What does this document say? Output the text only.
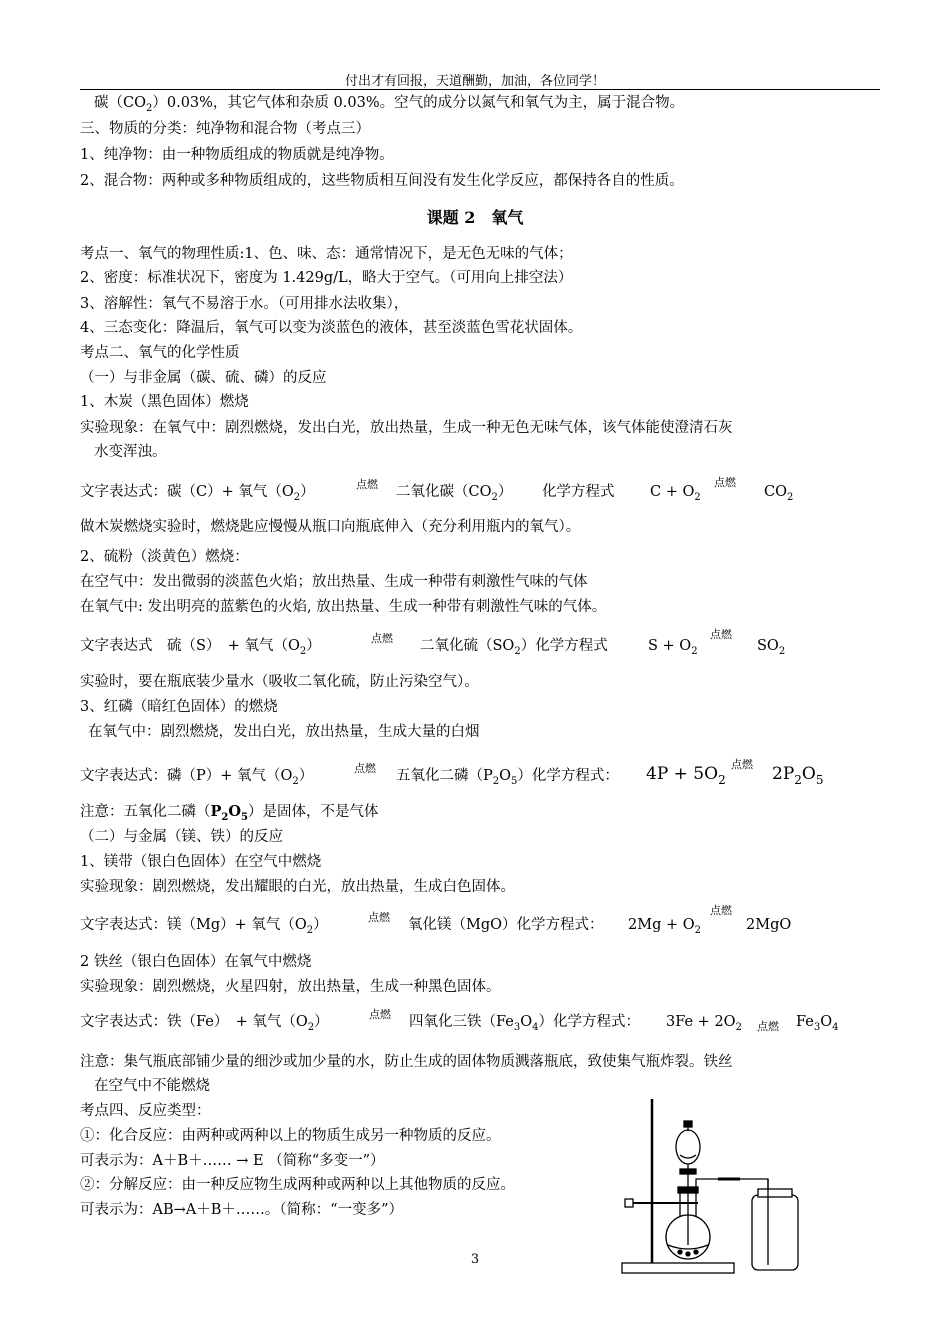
付出才有回报，天道酬勤，加油，各位同学！
碳$(CO_2)0.03\%$，其它气体和杂质 0.03%。空气的成分以氮气和氧气为主，属于混合物。
三、物质的分类：纯净物和混合物（考点三）
1、纯净物：由一种物质组成的物质就是纯净物。
2、混合物：两种或多种物质组成的，这些物质相互间没有发生化学反应，都保持各自的性质。
课题 2　氧气
考点一、氧气的物理性质:1、色、味、态：通常情况下，是无色无味的气体；
2、密度：标准状况下，密度为 1.429g/L，略大于空气。（可用向上排空法）
3、溶解性：氧气不易溶于水。（可用排水法收集），
4、三态变化：降温后，氧气可以变为淡蓝色的液体，甚至淡蓝色雪花状固体。
考点二、氧气的化学性质
（一）与非金属（碳、硫、磷）的反应
1、木炭（黑色固体）燃烧
实验现象：在氧气中：剧烈燃烧，发出白光，放出热量，生成一种无色无味气体，该气体能使澄清石灰
水变浑浊。
文字表达式：碳（C）+ 氧气$(O_2)$	点燃 二氧化碳$(CO_2)$ 化学方程式 $C + O_2$
点燃
$CO_2$
做木炭燃烧实验时，燃烧匙应慢慢从瓶口向瓶底伸入（充分利用瓶内的氧气）。
2、硫粉（淡黄色）燃烧：
在空气中：发出微弱的淡蓝色火焰；放出热量、生成一种带有刺激性气味的气体
在氧气中: 发出明亮的蓝紫色的火焰, 放出热量、生成一种带有刺激性气味的气体。
文字表达式　硫（S）　+ 氧气$(O_2)$	点燃 二氧化硫$(SO_2)$化学方程式	$S + O_2$
点燃
$SO_2$
实验时，要在瓶底装少量水（吸收二氧化硫，防止污染空气）。
3、红磷（暗红色固体）的燃烧
在氧气中：剧烈燃烧，发出白光，放出热量，生成大量的白烟
文字表达式：磷（P）+ 氧气$(O_2)$	点燃 五氧化二磷$(P_2O_5)$化学方程式： $4P + 5O_2$
点燃 $2P_2O_5$
注意：五氧化二磷$(P_2O_5)$是固体，不是气体
（二）与金属（镁、铁）的反应
1、镁带（银白色固体）在空气中燃烧
实验现象：剧烈燃烧，发出耀眼的白光，放出热量，生成白色固体。
文字表达式：镁（Mg）+ 氧气$(O_2)$	点燃 氧化镁（MgO）化学方程式： $2Mg + O_2$
点燃
2MgO
2 铁丝（银白色固体）在氧气中燃烧
实验现象：剧烈燃烧，火星四射，放出热量，生成一种黑色固体。
文字表达式：铁（Fe）　+ 氧气$(O_2)$	点燃 四氧化三铁$(Fe_3O_4)$化学方程式： $3Fe + 2O_2$ 点燃 $Fe_3O_4$
注意：集气瓶底部铺少量的细沙或加少量的水，防止生成的固体物质溅落瓶底，致使集气瓶炸裂。铁丝
在空气中不能燃烧
考点四、反应类型：
①：化合反应：由两种或两种以上的物质生成另一种物质的反应。
可表示为：A＋B＋…… → E （简称“多变一”）
②：分解反应：由一种反应物生成两种或两种以上其他物质的反应。
可表示为：AB→A＋B＋……。（简称：“一变多”）
3
